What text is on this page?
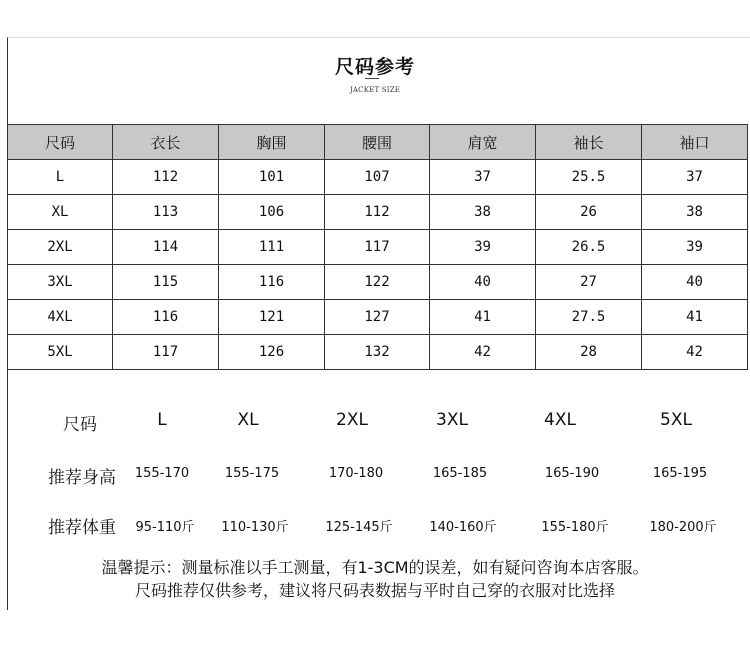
尺码参考
JACKET SIZE
尺码	衣长	胸围	腰围	肩宽	袖长	袖口
L	112	101	107	37	25.5	37
XL	113	106	112	38	26	38
2XL	114	111	117	39	26.5	39
3XL	115	116	122	40	27	40
4XL	116	121	127	41	27.5	41
5XL	117	126	132	42	28	42
尺码	L	XL	2XL	3XL	4XL	5XL
推荐身高	155-170	155-175	170-180	165-185	165-190	165-195
推荐体重	95-110斤	110-130斤	125-145斤	140-160斤	155-180斤	180-200斤
温馨提示：测量标准以手工测量，有1-3CM的误差，如有疑问咨询本店客服。
尺码推荐仅供参考，建议将尺码表数据与平时自己穿的衣服对比选择
